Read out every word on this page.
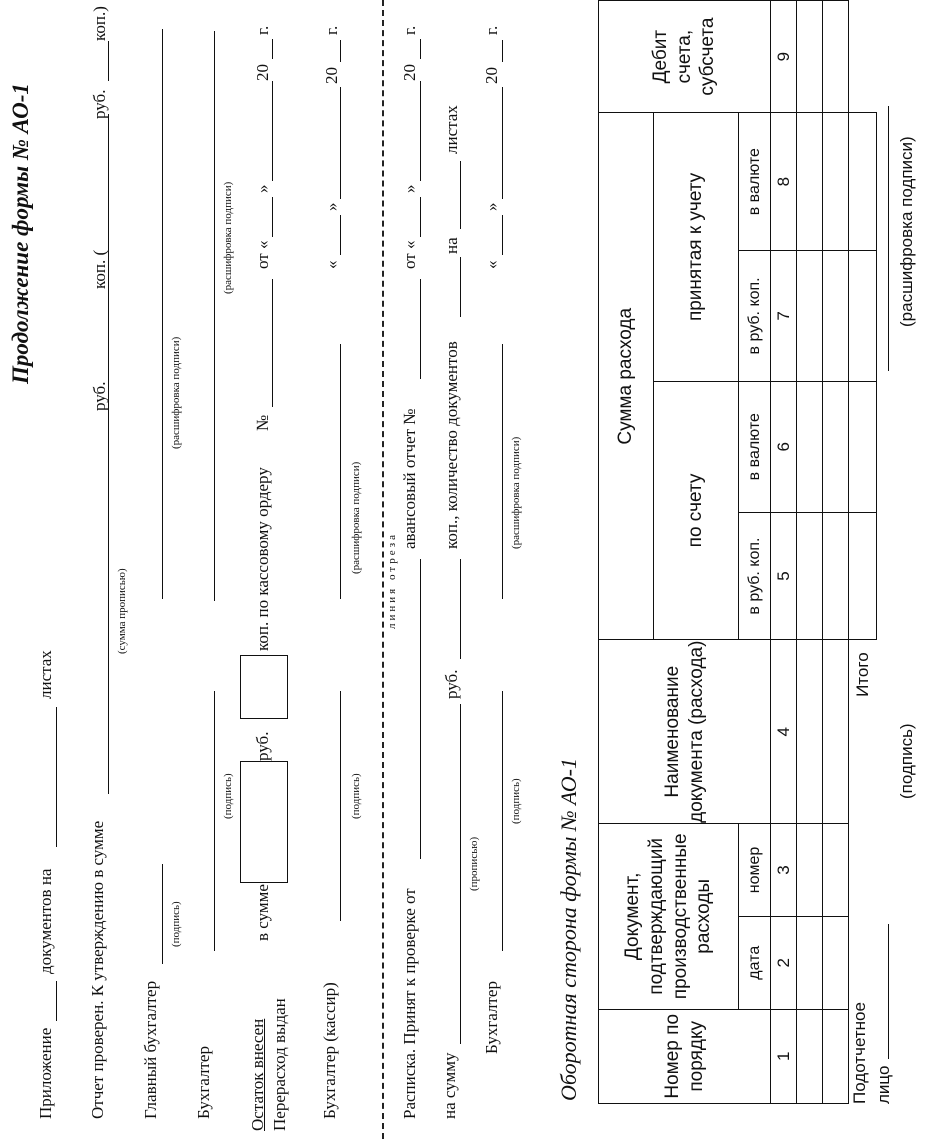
Продолжение формы № АО-1
Приложение
документов на
листах
Отчет проверен. К утверждению в сумме
(сумма прописью)
руб.
коп. (
руб.
коп.)
Главный бухгалтер
(подпись)
(расшифровка подписи)
Бухгалтер
(подпись)
(расшифровка подписи)
Остаток внесен Перерасход выдан
в сумме
руб.
коп. по кассовому ордеру
№
от «
»
20
г.
Бухгалтер (кассир)
(подпись)
(расшифровка подписи)
«
»
20
г.
линия отреза
Расписка. Принят к проверке от
авансовый отчет №
от «
»
20
г.
на сумму
(прописью)
руб.
коп., количество документов
на
листах
Бухгалтер
(подпись)
(расшифровка подписи)
«
»
20
г.
Оборотная сторона формы № АО-1	Номер по порядку	Документ, подтверждающий производственные расходы		Наименование документа (расхода)	Сумма расхода				Дебит счета, субсчета
				по счету		принятая к учету		

	дата	номер		в руб. коп.	в валюте	в руб. коп.	в валюте	
1	2	3	4	5	6	7	8	9

			Итого					
Подотчетное лицо
(подпись)
(расшифровка подписи)
